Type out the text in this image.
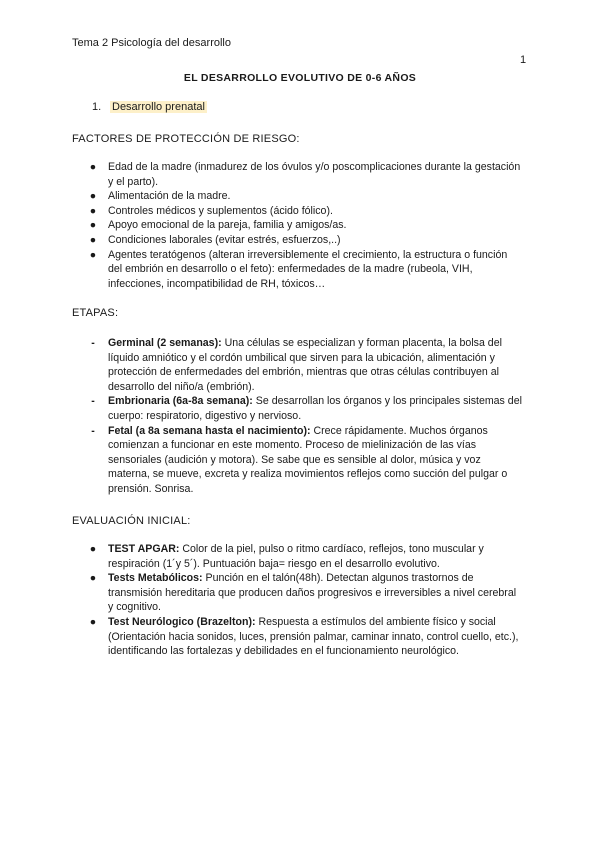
Tema 2 Psicología del desarrollo
1
EL DESARROLLO EVOLUTIVO DE 0-6 AÑOS
1. Desarrollo prenatal
FACTORES DE PROTECCIÓN DE RIESGO:
● Edad de la madre (inmadurez de los óvulos y/o poscomplicaciones durante la gestación y el parto).
● Alimentación de la madre.
● Controles médicos y suplementos (ácido fólico).
● Apoyo emocional de la pareja, familia y amigos/as.
● Condiciones laborales (evitar estrés, esfuerzos,..)
● Agentes teratógenos (alteran irreversiblemente el crecimiento, la estructura o función del embrión en desarrollo o el feto): enfermedades de la madre (rubeola, VIH, infecciones, incompatibilidad de RH, tóxicos…
ETAPAS:
-	Germinal (2 semanas): Una células se especializan y forman placenta, la bolsa del líquido amniótico y el cordón umbilical que sirven para la ubicación, alimentación y protección de enfermedades del embrión, mientras que otras células contribuyen al desarrollo del niño/a (embrión).
-	Embrionaria (6a-8a semana): Se desarrollan los órganos y los principales sistemas del cuerpo: respiratorio, digestivo y nervioso.
-	Fetal (a 8a semana hasta el nacimiento): Crece rápidamente. Muchos órganos comienzan a funcionar en este momento. Proceso de mielinización de las vías sensoriales (audición y motora). Se sabe que es sensible al dolor, música y voz materna, se mueve, excreta y realiza movimientos reflejos como succión del pulgar o prensión. Sonrisa.
EVALUACIÓN INICIAL:
● TEST APGAR: Color de la piel, pulso o ritmo cardíaco, reflejos, tono muscular y respiración (1´y 5´). Puntuación baja= riesgo en el desarrollo evolutivo.
● Tests Metabólicos: Punción en el talón(48h). Detectan algunos trastornos de transmisión hereditaria que producen daños progresivos e irreversibles a nivel cerebral y cognitivo.
● Test Neurólogico (Brazelton): Respuesta a estímulos del ambiente físico y social (Orientación hacia sonidos, luces, prensión palmar, caminar innato, control cuello, etc.), identificando las fortalezas y debilidades en el funcionamiento neurológico.
